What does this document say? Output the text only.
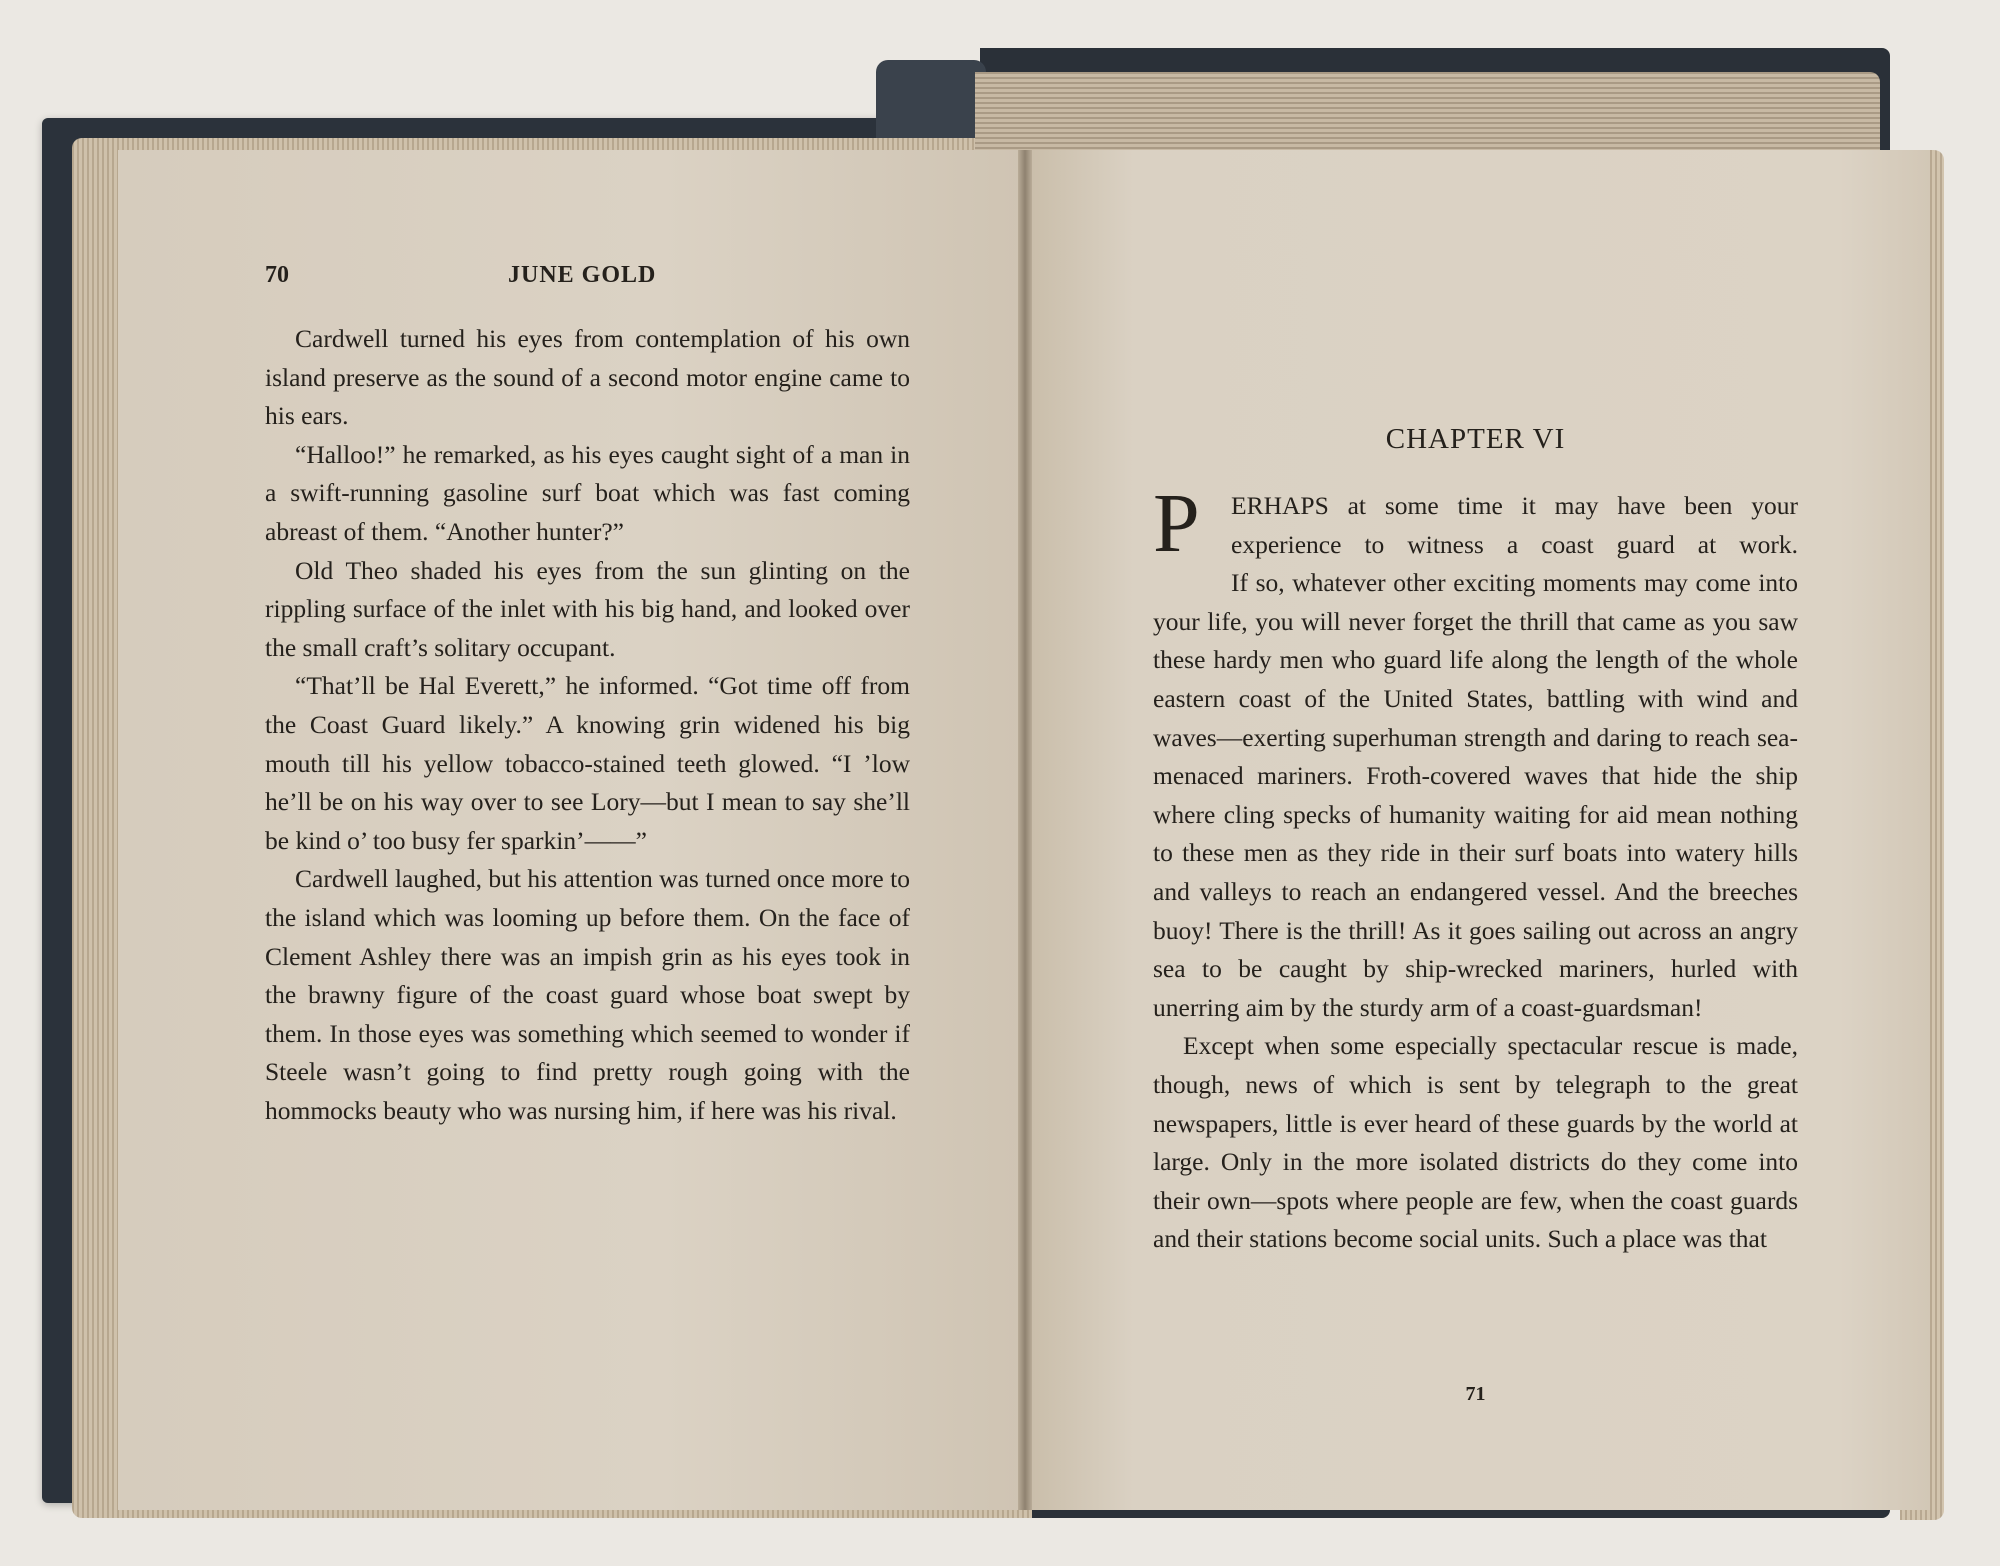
70	JUNE GOLD

Cardwell turned his eyes from contemplation of his own island preserve as the sound of a second motor engine came to his ears.

“Halloo!” he remarked, as his eyes caught sight of a man in a swift-running gasoline surf boat which was fast coming abreast of them. “Another hunter?”

Old Theo shaded his eyes from the sun glinting on the rippling surface of the inlet with his big hand, and looked over the small craft’s solitary occupant.

“That’ll be Hal Everett,” he informed. “Got time off from the Coast Guard likely.” A knowing grin widened his big mouth till his yellow tobacco-stained teeth glowed. “I ’low he’ll be on his way over to see Lory—but I mean to say she’ll be kind o’ too busy fer sparkin’——”

Cardwell laughed, but his attention was turned once more to the island which was looming up before them. On the face of Clement Ashley there was an impish grin as his eyes took in the brawny figure of the coast guard whose boat swept by them. In those eyes was something which seemed to wonder if Steele wasn’t going to find pretty rough going with the hommocks beauty who was nursing him, if here was his rival.

CHAPTER VI
P ERHAPS at some time it may have been your
experience to witness a coast guard at work.

If so, whatever other exciting moments may come into your life, you will never forget the thrill that came as you saw these hardy men who guard life along the length of the whole eastern coast of the United States, battling with wind and waves—exerting superhuman strength and daring to reach sea-menaced mariners. Froth-covered waves that hide the ship where cling specks of humanity waiting for aid mean nothing to these men as they ride in their surf boats into watery hills and valleys to reach an endangered vessel. And the breeches buoy! There is the thrill! As it goes sailing out across an angry sea to be caught by ship-wrecked mariners, hurled with unerring aim by the sturdy arm of a coast-guardsman!

Except when some especially spectacular rescue is made, though, news of which is sent by telegraph to the great newspapers, little is ever heard of these guards by the world at large. Only in the more isolated districts do they come into their own—spots where people are few, when the coast guards and their stations become social units. Such a place was that

71
